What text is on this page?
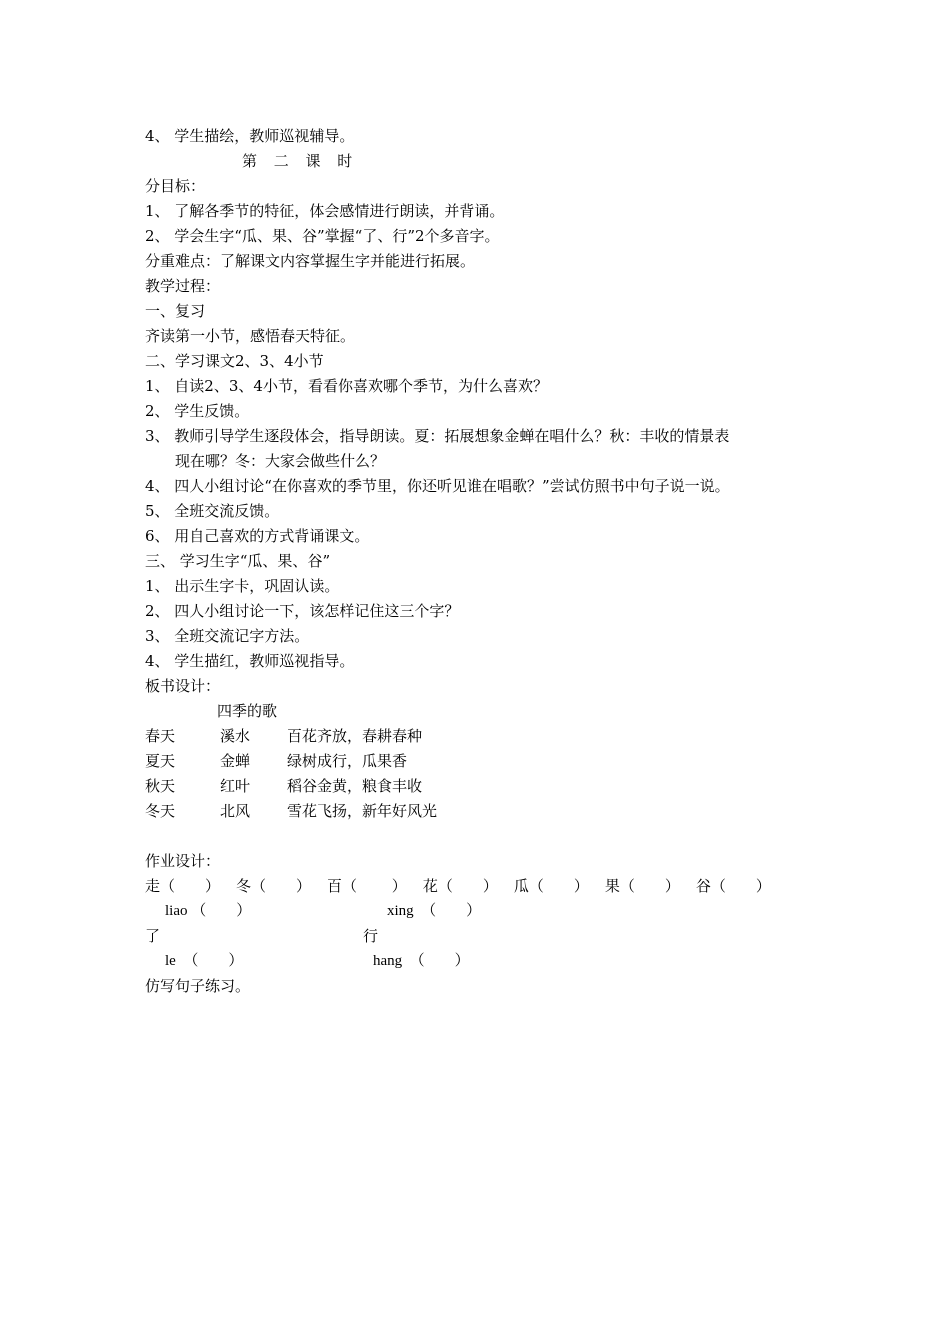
4、 学生描绘，教师巡视辅导。
第 二 课 时
分目标：
1、 了解各季节的特征，体会感情进行朗读，并背诵。
2、 学会生字“瓜、果、谷”掌握“了、行”2个多音字。
分重难点：了解课文内容掌握生字并能进行拓展。
教学过程：
一、复习
齐读第一小节，感悟春天特征。
二、学习课文2、3、4小节
1、 自读2、3、4小节，看看你喜欢哪个季节，为什么喜欢？
2、 学生反馈。
3、 教师引导学生逐段体会，指导朗读。夏：拓展想象金蝉在唱什么？秋：丰收的情景表
现在哪？冬：大家会做些什么？
4、 四人小组讨论“在你喜欢的季节里，你还听见谁在唱歌？”尝试仿照书中句子说一说。
5、 全班交流反馈。
6、 用自己喜欢的方式背诵课文。
三、 学习生字“瓜、果、谷”
1、 出示生字卡，巩固认读。
2、 四人小组讨论一下，该怎样记住这三个字？
3、 全班交流记字方法。
4、 学生描红，教师巡视指导。
板书设计：
四季的歌
春天	溪水	百花齐放，春耕春种
夏天	金蝉	绿树成行，瓜果香
秋天	红叶	稻谷金黄，粮食丰收
冬天	北风	雪花飞扬，新年好风光
作业设计：
走（　　） 冬（　　） 百（　　 ） 花（　　） 瓜（　　） 果（　　） 谷（　　）
liao （　　）	xing　（　　）
了	行
le　（　　）	hang　（　　）
仿写句子练习。
